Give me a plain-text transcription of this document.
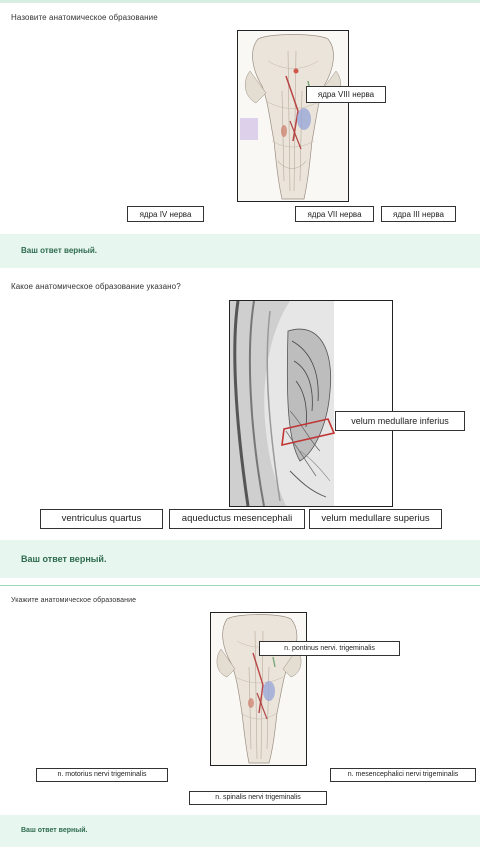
Назовите анатомическое образование
ядра VIII нерва
ядра IV нерва	ядра VII нерва	ядра III нерва
Ваш ответ верный.
Какое анатомическое образование указано?
velum medullare inferius
ventriculus quartus	aqueductus mesencephali	velum medullare superius
Ваш ответ верный.
Укажите анатомическое образование
n. pontinus nervi. trigeminalis
n. motorius nervi trigeminalis	n. mesencephalici nervi trigeminalis
n. spinalis nervi trigeminalis
Ваш ответ верный.
